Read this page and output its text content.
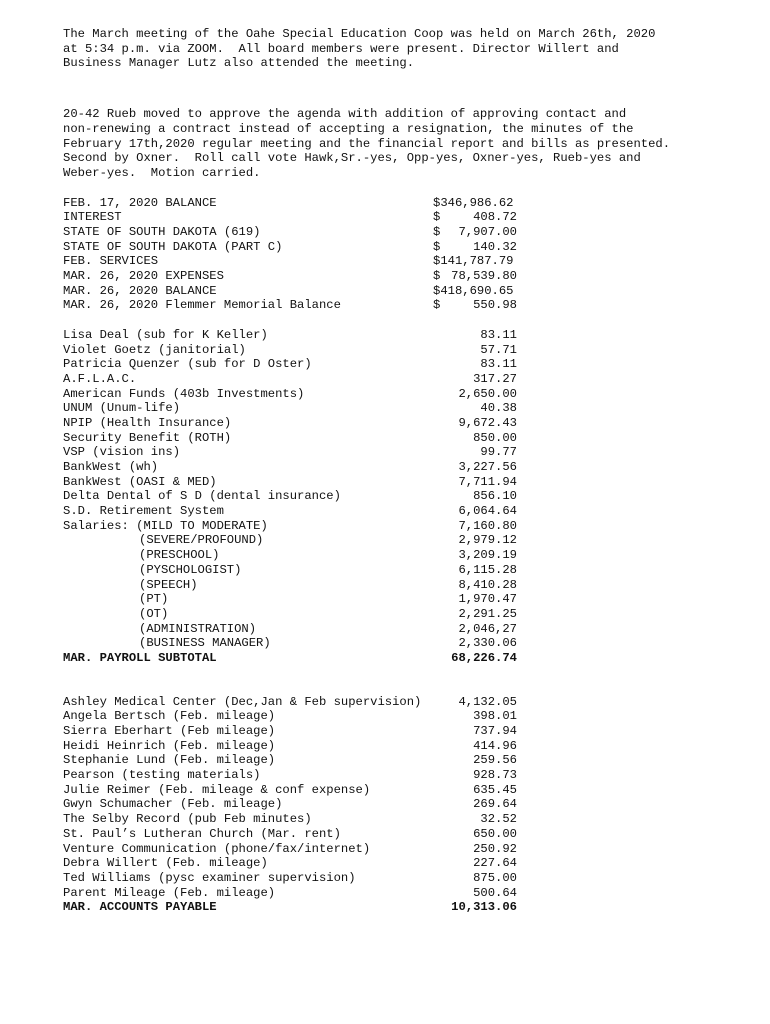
The March meeting of the Oahe Special Education Coop was held on March 26th, 2020
at 5:34 p.m. via ZOOM.  All board members were present. Director Willert and
Business Manager Lutz also attended the meeting.

20-42 Rueb moved to approve the agenda with addition of approving contact and
non-renewing a contract instead of accepting a resignation, the minutes of the
February 17th,2020 regular meeting and the financial report and bills as presented.
Second by Oxner.  Roll call vote Hawk,Sr.-yes, Opp-yes, Oxner-yes, Rueb-yes and
Weber-yes.  Motion carried.

FEB. 17, 2020 BALANCE	$346,986.62
INTEREST	$	408.72
STATE OF SOUTH DAKOTA (619)	$ 7,907.00
STATE OF SOUTH DAKOTA (PART C)	$	140.32
FEB. SERVICES	$141,787.79
MAR. 26, 2020 EXPENSES	$ 78,539.80
MAR. 26, 2020 BALANCE	$418,690.65
MAR. 26, 2020 Flemmer Memorial Balance	$	550.98
Lisa Deal (sub for K Keller)	83.11
Violet Goetz (janitorial)	57.71
Patricia Quenzer (sub for D Oster)	83.11
A.F.L.A.C.	317.27
American Funds (403b Investments)	2,650.00
UNUM (Unum-life)	40.38
NPIP (Health Insurance)	9,672.43
Security Benefit (ROTH)	850.00
VSP (vision ins)	99.77
BankWest (wh)	3,227.56
BankWest (OASI & MED)	7,711.94
Delta Dental of S D (dental insurance)	856.10
S.D. Retirement System	6,064.64
Salaries: (MILD TO MODERATE)	7,160.80
(SEVERE/PROFOUND)	2,979.12
(PRESCHOOL)	3,209.19
(PYSCHOLOGIST)	6,115.28
(SPEECH)	8,410.28
(PT)	1,970.47
(OT)	2,291.25
(ADMINISTRATION)	2,046,27
(BUSINESS MANAGER)	2,330.06
MAR. PAYROLL SUBTOTAL	68,226.74
Ashley Medical Center (Dec,Jan & Feb supervision)	4,132.05
Angela Bertsch (Feb. mileage)	398.01
Sierra Eberhart (Feb mileage)	737.94
Heidi Heinrich (Feb. mileage)	414.96
Stephanie Lund (Feb. mileage)	259.56
Pearson (testing materials)	928.73
Julie Reimer (Feb. mileage & conf expense)	635.45
Gwyn Schumacher (Feb. mileage)	269.64
The Selby Record (pub Feb minutes)	32.52
St. Paul’s Lutheran Church (Mar. rent)	650.00
Venture Communication (phone/fax/internet)	250.92
Debra Willert (Feb. mileage)	227.64
Ted Williams (pysc examiner supervision)	875.00
Parent Mileage (Feb. mileage)	500.64
MAR. ACCOUNTS PAYABLE	10,313.06
